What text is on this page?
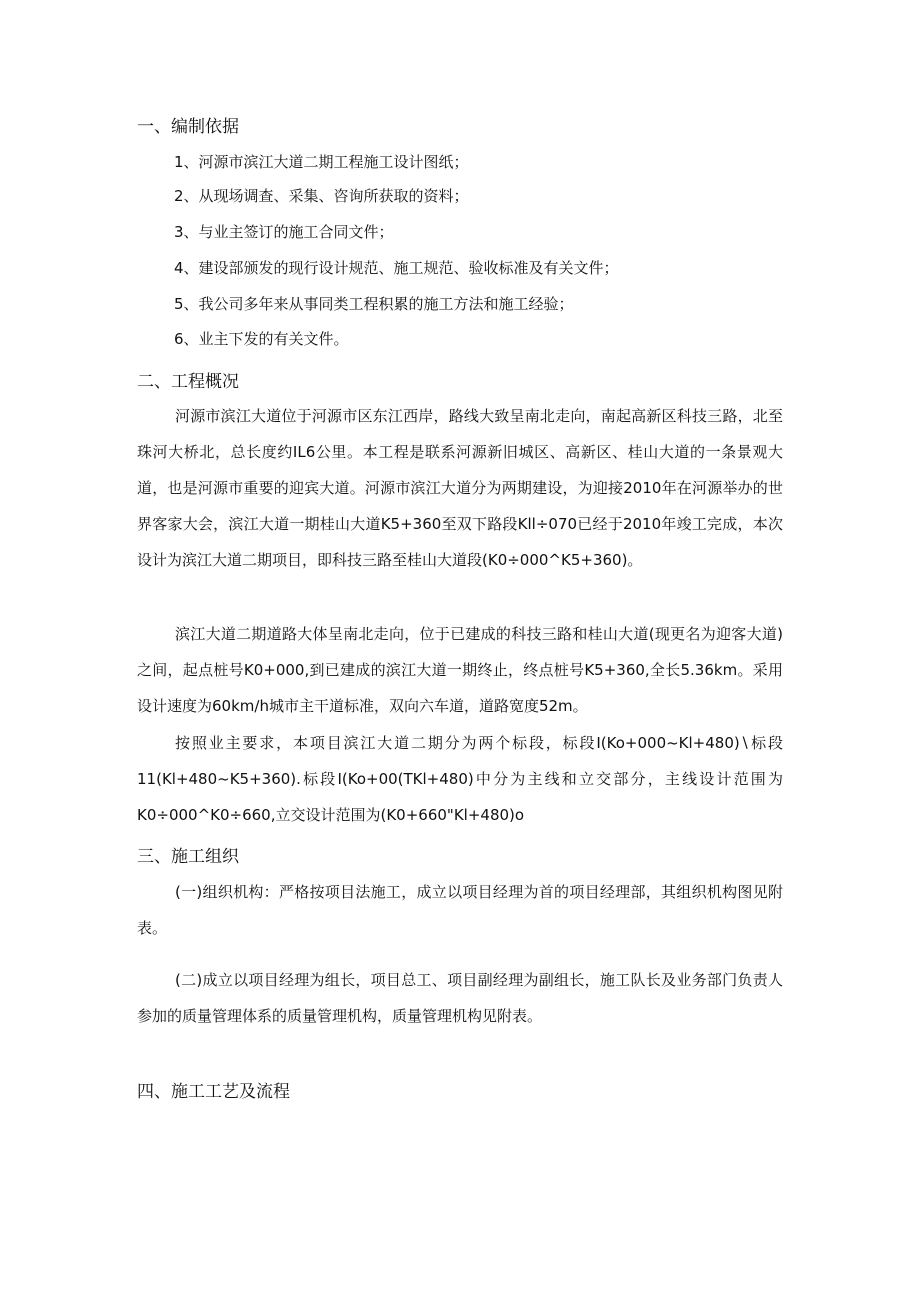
一、编制依据
1、河源市滨江大道二期工程施工设计图纸；
2、从现场调查、采集、咨询所获取的资料；
3、与业主签订的施工合同文件；
4、建设部颁发的现行设计规范、施工规范、验收标准及有关文件；
5、我公司多年来从事同类工程积累的施工方法和施工经验；
6、业主下发的有关文件。
二、工程概况

河源市滨江大道位于河源市区东江西岸，路线大致呈南北走向，南起高新区科技三路，北至珠河大桥北，总长度约IL6公里。本工程是联系河源新旧城区、高新区、桂山大道的一条景观大道，也是河源市重要的迎宾大道。河源市滨江大道分为两期建设，为迎接2010年在河源举办的世界客家大会，滨江大道一期桂山大道K5+360至双下路段Kll÷070已经于2010年竣工完成，本次设计为滨江大道二期项目，即科技三路至桂山大道段(K0÷000^K5+360)。

滨江大道二期道路大体呈南北走向，位于已建成的科技三路和桂山大道(现更名为迎客大道)之间，起点桩号K0+000,到已建成的滨江大道一期终止，终点桩号K5+360,全长5.36km。采用设计速度为60km∕h城市主干道标准，双向六车道，道路宽度52m。

按照业主要求，本项目滨江大道二期分为两个标段，标段I(Ko+000~Kl+480)∖标段11(Kl+480~K5+360).标段I(Ko+00(TKl+480)中分为主线和立交部分，主线设计范围为K0÷000^K0÷660,立交设计范围为(K0+660"Kl+480)o

三、施工组织

(一)组织机构：严格按项目法施工，成立以项目经理为首的项目经理部，其组织机构图见附表。

(二)成立以项目经理为组长，项目总工、项目副经理为副组长，施工队长及业务部门负责人参加的质量管理体系的质量管理机构，质量管理机构见附表。

四、施工工艺及流程
